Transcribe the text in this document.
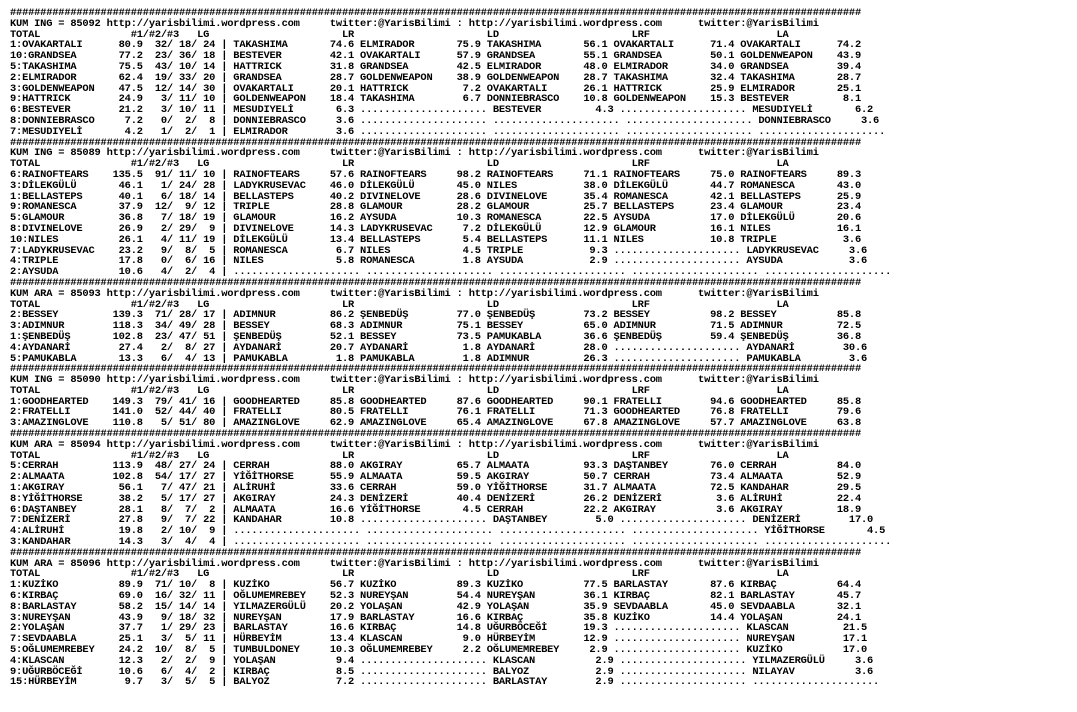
#############################################################################################################################################
KUM ING = 85092 http://yarisbilimi.wordpress.com     twitter:@YarisBilimi : http://yarisbilimi.wordpress.com      twitter:@YarisBilimi
TOTAL               #1/#2/#3   LG                      LR                      LD                      LRF                     LA
1:OVAKARTALI      80.9  32/ 18/ 24 | TAKASHIMA       74.6 ELMIRADOR       75.9 TAKASHIMA       56.1 OVAKARTALI      71.4 OVAKARTALI      74.2
10:GRANDSEA       77.2  23/ 36/ 18 | BESTEVER        42.1 OVAKARTALI      57.9 GRANDSEA        55.1 GRANDSEA        50.1 GOLDENWEAPON    43.9
5:TAKASHIMA       75.5  43/ 10/ 14 | HATTRICK        31.8 GRANDSEA        42.5 ELMIRADOR       48.0 ELMIRADOR       34.0 GRANDSEA        39.4
2:ELMIRADOR       62.4  19/ 33/ 20 | GRANDSEA        28.7 GOLDENWEAPON    38.9 GOLDENWEAPON    28.7 TAKASHIMA       32.4 TAKASHIMA       28.7
3:GOLDENWEAPON    47.5  12/ 14/ 30 | OVAKARTALI      20.1 HATTRICK         7.2 OVAKARTALI      26.1 HATTRICK        25.9 ELMIRADOR       25.1
9:HATTRICK        24.9   3/ 11/ 10 | GOLDENWEAPON    18.4 TAKASHIMA        6.7 DONNIEBRASCO    10.8 GOLDENWEAPON    15.3 BESTEVER         8.1
6:BESTEVER        21.2   3/ 10/ 11 | MESUDIYELİ       6.3 ..................... BESTEVER         4.3 ..................... MESUDIYELİ       6.2
8:DONNIEBRASCO     7.2   0/  2/  8 | DONNIEBRASCO     3.6 ..................... ..................... ..................... DONNIEBRASCO     3.6
7:MESUDIYELİ       4.2   1/  2/  1 | ELMIRADOR        3.6 ..................... ..................... ..................... .....................
#############################################################################################################################################
KUM ING = 85089 http://yarisbilimi.wordpress.com     twitter:@YarisBilimi : http://yarisbilimi.wordpress.com      twitter:@YarisBilimi
TOTAL               #1/#2/#3   LG                      LR                      LD                      LRF                     LA
6:RAINOFTEARS    135.5  91/ 11/ 10 | RAINOFTEARS     57.6 RAINOFTEARS     98.2 RAINOFTEARS     71.1 RAINOFTEARS     75.0 RAINOFTEARS     89.3
3:DİLEKGÜLÜ       46.1   1/ 24/ 28 | LADYKRUSEVAC    46.0 DİLEKGÜLÜ       45.0 NILES           38.0 DİLEKGÜLÜ       44.7 ROMANESCA       43.0
1:BELLASTEPS      40.1   6/ 18/ 14 | BELLASTEPS      40.2 DIVINELOVE      28.6 DIVINELOVE      35.4 ROMANESCA       42.1 BELLASTEPS      25.9
9:ROMANESCA       37.9  12/  9/ 12 | TRIPLE          28.8 GLAMOUR         28.2 GLAMOUR         25.7 BELLASTEPS      23.4 GLAMOUR         23.4
5:GLAMOUR         36.8   7/ 18/ 19 | GLAMOUR         16.2 AYSUDA          10.3 ROMANESCA       22.5 AYSUDA          17.0 DİLEKGÜLÜ       20.6
8:DIVINELOVE      26.9   2/ 29/  9 | DIVINELOVE      14.3 LADYKRUSEVAC     7.2 DİLEKGÜLÜ       12.9 GLAMOUR         16.1 NILES           16.1
10:NILES          26.1   4/ 11/ 19 | DİLEKGÜLÜ       13.4 BELLASTEPS       5.4 BELLASTEPS      11.1 NILES           10.8 TRIPLE           3.6
7:LADYKRUSEVAC    23.2   9/  8/  5 | ROMANESCA        6.7 NILES            4.5 TRIPLE           9.3 ..................... LADYKRUSEVAC     3.6
4:TRIPLE          17.8   0/  6/ 16 | NILES            5.8 ROMANESCA        1.8 AYSUDA           2.9 ..................... AYSUDA           3.6
2:AYSUDA          10.6   4/  2/  4 | ..................... ..................... ..................... ..................... .....................
#############################################################################################################################################
KUM ARA = 85093 http://yarisbilimi.wordpress.com     twitter:@YarisBilimi : http://yarisbilimi.wordpress.com      twitter:@YarisBilimi
TOTAL               #1/#2/#3   LG                      LR                      LD                      LRF                     LA
2:BESSEY         139.3  71/ 28/ 17 | ADIMNUR         86.2 ŞENBEDÜŞ        77.0 ŞENBEDÜŞ        73.2 BESSEY          98.2 BESSEY          85.8
3:ADIMNUR        118.3  34/ 49/ 28 | BESSEY          68.3 ADIMNUR         75.1 BESSEY          65.0 ADIMNUR         71.5 ADIMNUR         72.5
1:ŞENBEDÜŞ       102.8  23/ 47/ 51 | ŞENBEDÜŞ        52.1 BESSEY          73.5 PAMUKABLA       36.6 ŞENBEDÜŞ        59.4 ŞENBEDÜŞ        36.8
4:AYDANARİ        27.4   2/  8/ 27 | AYDANARİ        20.7 AYDANARİ         1.8 AYDANARİ        28.0 ..................... AYDANARİ        30.6
5:PAMUKABLA       13.3   6/  4/ 13 | PAMUKABLA        1.8 PAMUKABLA        1.8 ADIMNUR         26.3 ..................... PAMUKABLA        3.6
#############################################################################################################################################
KUM ING = 85090 http://yarisbilimi.wordpress.com     twitter:@YarisBilimi : http://yarisbilimi.wordpress.com      twitter:@YarisBilimi
TOTAL               #1/#2/#3   LG                      LR                      LD                      LRF                     LA
1:GOODHEARTED    149.3  79/ 41/ 16 | GOODHEARTED     85.8 GOODHEARTED     87.6 GOODHEARTED     90.1 FRATELLI        94.6 GOODHEARTED     85.8
2:FRATELLI       141.0  52/ 44/ 40 | FRATELLI        80.5 FRATELLI        76.1 FRATELLI        71.3 GOODHEARTED     76.8 FRATELLI        79.6
3:AMAZINGLOVE    110.8   5/ 51/ 80 | AMAZINGLOVE     62.9 AMAZINGLOVE     65.4 AMAZINGLOVE     67.8 AMAZINGLOVE     57.7 AMAZINGLOVE     63.8
#############################################################################################################################################
KUM ARA = 85094 http://yarisbilimi.wordpress.com     twitter:@YarisBilimi : http://yarisbilimi.wordpress.com      twitter:@YarisBilimi
TOTAL               #1/#2/#3   LG                      LR                      LD                      LRF                     LA
5:CERRAH         113.9  48/ 27/ 24 | CERRAH          88.0 AKGIRAY         65.7 ALMAATA         93.3 DAŞTANBEY       76.0 CERRAH          84.0
2:ALMAATA        102.8  54/ 17/ 27 | YİĞİTHORSE      55.9 ALMAATA         59.5 AKGIRAY         50.7 CERRAH          73.4 ALMAATA         52.9
1:AKGIRAY         56.1   7/ 47/ 21 | ALİRUHİ         33.6 CERRAH          59.0 YİĞİTHORSE      31.7 ALMAATA         72.5 KANDAHAR        29.5
8:YİĞİTHORSE      38.2   5/ 17/ 27 | AKGIRAY         24.3 DENİZERİ        40.4 DENİZERİ        26.2 DENİZERİ         3.6 ALİRUHİ         22.4
6:DAŞTANBEY       28.1   8/  7/  2 | ALMAATA         16.6 YİĞİTHORSE       4.5 CERRAH          22.2 AKGIRAY          3.6 AKGIRAY         18.9
7:DENİZERİ        27.8   9/  7/ 22 | KANDAHAR        10.8 ..................... DAŞTANBEY        5.0 ..................... DENİZERİ        17.0
4:ALİRUHİ         19.8   2/ 10/  9 | ..................... ..................... ..................... ..................... YİĞİTHORSE       4.5
3:KANDAHAR        14.3   3/  4/  4 | ..................... ..................... ..................... ..................... .....................
#############################################################################################################################################
KUM ARA = 85096 http://yarisbilimi.wordpress.com     twitter:@YarisBilimi : http://yarisbilimi.wordpress.com      twitter:@YarisBilimi
TOTAL               #1/#2/#3   LG                      LR                      LD                      LRF                     LA
1:KUZİKO          89.9  71/ 10/  8 | KUZİKO          56.7 KUZİKO          89.3 KUZİKO          77.5 BARLASTAY       87.6 KIRBAÇ          64.4
6:KIRBAÇ          69.0  16/ 32/ 11 | OĞLUMEMREBEY    52.3 NUREYŞAN        54.4 NUREYŞAN        36.1 KIRBAÇ          82.1 BARLASTAY       45.7
8:BARLASTAY       58.2  15/ 14/ 14 | YILMAZERGÜLÜ    20.2 YOLAŞAN         42.9 YOLAŞAN         35.9 SEVDAABLA       45.0 SEVDAABLA       32.1
3:NUREYŞAN        43.9   9/ 18/ 32 | NUREYŞAN        17.9 BARLASTAY       16.6 KIRBAÇ          35.8 KUZİKO          14.4 YOLAŞAN         24.1
2:YOLAŞAN         37.7   1/ 29/ 23 | BARLASTAY       16.6 KIRBAÇ          14.8 UĞURBÖCEĞİ      19.3 ..................... KLASCAN         21.5
7:SEVDAABLA       25.1   3/  5/ 11 | HÜRBEYİM        13.4 KLASCAN          9.0 HÜRBEYİM        12.9 ..................... NUREYŞAN        17.1
5:OĞLUMEMREBEY    24.2  10/  8/  5 | TUMBULDONEY     10.3 OĞLUMEMREBEY     2.2 OĞLUMEMREBEY     2.9 ..................... KUZİKO          17.0
4:KLASCAN         12.3   2/  2/  9 | YOLAŞAN          9.4 ..................... KLASCAN          2.9 ..................... YILMAZERGÜLÜ     3.6
9:UĞURBÖCEĞİ      10.6   6/  4/  2 | KIRBAÇ           8.5 ..................... BALYOZ           2.9 ..................... NILAYAV          3.6
15:HÜRBEYİM        9.7   3/  5/  5 | BALYOZ           7.2 ..................... BARLASTAY        2.9 ..................... .....................
